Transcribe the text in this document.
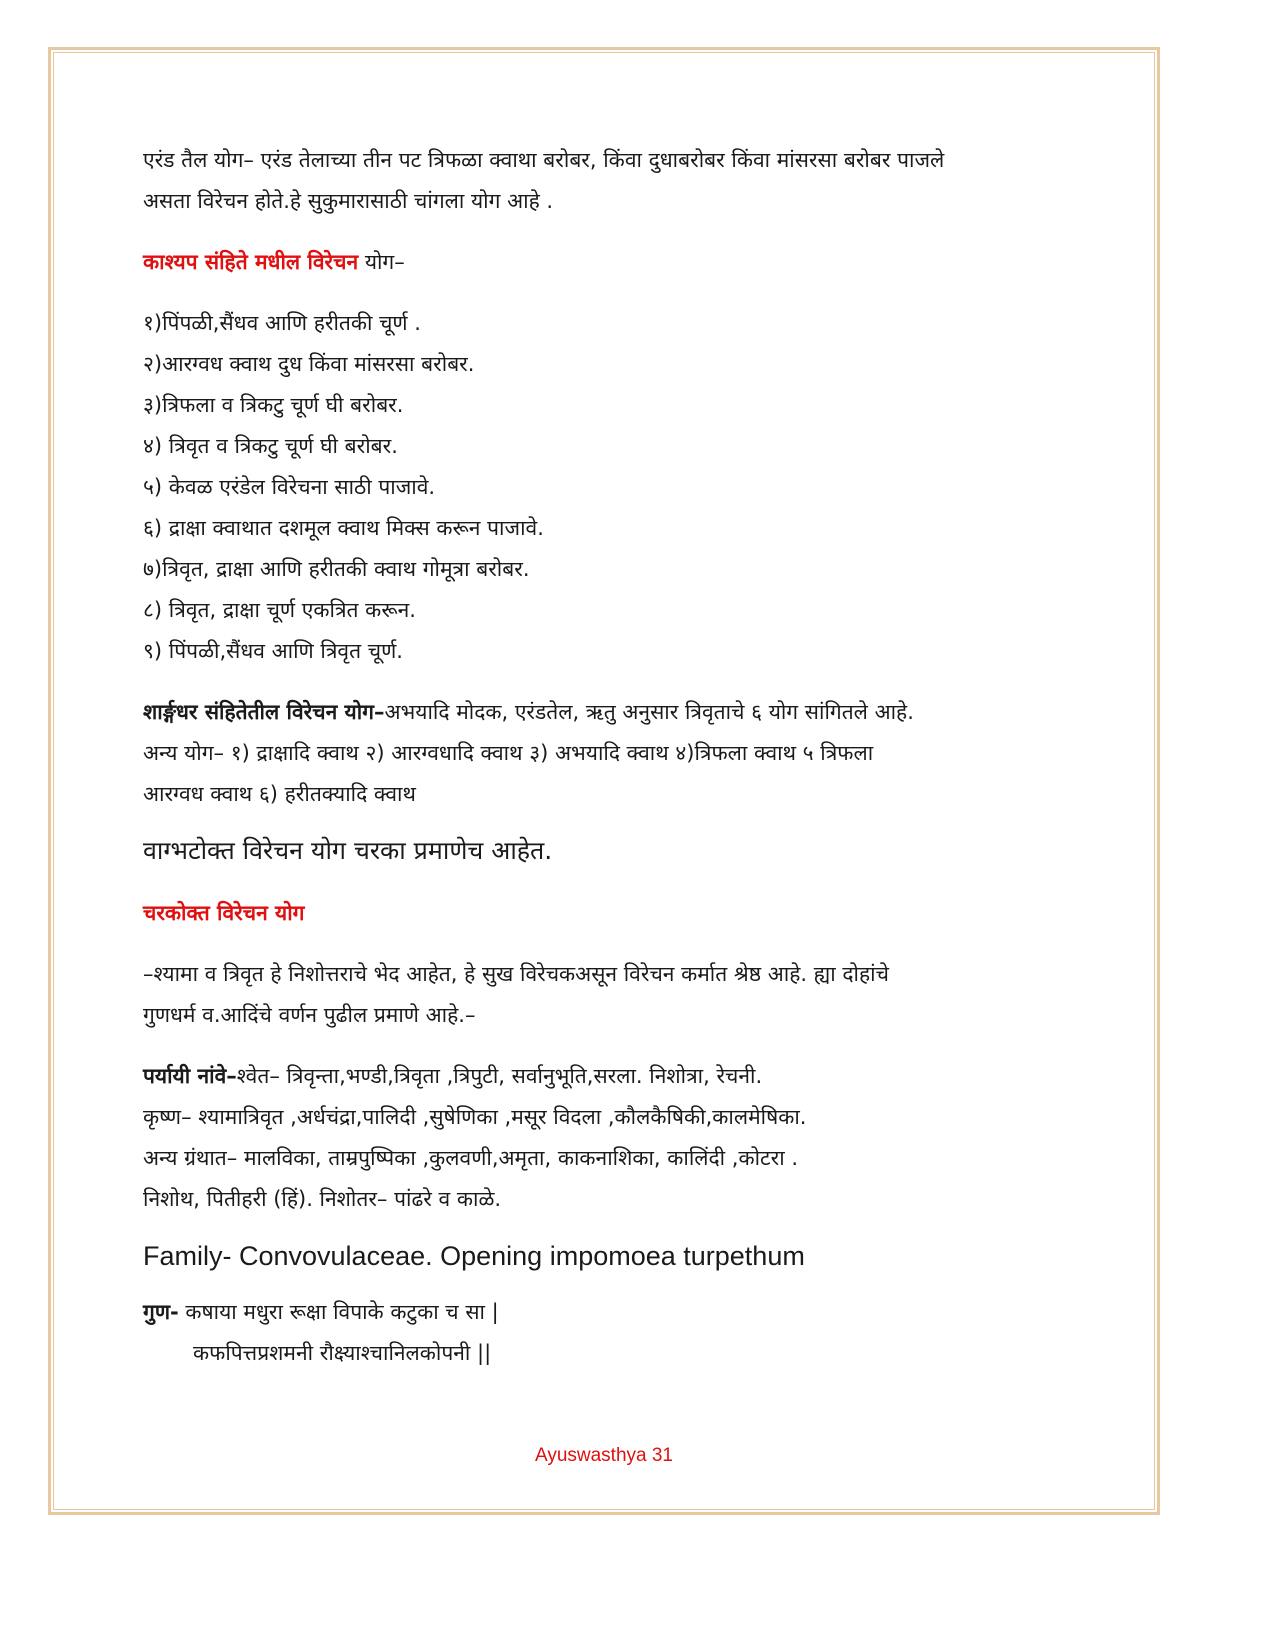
एरंड तैल योग– एरंड तेलाच्या तीन पट त्रिफळा क्वाथा बरोबर, किंवा दुधाबरोबर किंवा मांसरसा बरोबर पाजले

असता विरेचन होते.हे सुकुमारासाठी चांगला योग आहे .

काश्यप संहिते मधील विरेचन योग–

१)पिंपळी,सैंधव आणि हरीतकी चूर्ण .

२)आरग्वध क्वाथ दुध किंवा मांसरसा बरोबर.

३)त्रिफला व त्रिकटु चूर्ण घी बरोबर.

४) त्रिवृत व त्रिकटु चूर्ण घी बरोबर.

५) केवळ एरंडेल विरेचना साठी पाजावे.

६) द्राक्षा क्वाथात दशमूल क्वाथ मिक्स करून पाजावे.

७)त्रिवृत, द्राक्षा आणि हरीतकी क्वाथ गोमूत्रा बरोबर.

८) त्रिवृत, द्राक्षा चूर्ण एकत्रित करून.

९) पिंपळी,सैंधव आणि त्रिवृत चूर्ण.

शार्ङ्गधर संहितेतील विरेचन योग–अभयादि मोदक, एरंडतेल, ऋतु अनुसार त्रिवृताचे ६ योग सांगितले आहे.

अन्य योग– १) द्राक्षादि क्वाथ २) आरग्वधादि क्वाथ ३) अभयादि क्वाथ ४)त्रिफला क्वाथ ५ त्रिफला

आरग्वध क्वाथ ६) हरीतक्यादि क्वाथ

वाग्भटोक्त विरेचन योग चरका प्रमाणेच आहेत.

चरकोक्त विरेचन योग

–श्यामा व त्रिवृत हे निशोत्तराचे भेद आहेत, हे सुख विरेचकअसून विरेचन कर्मात श्रेष्ठ आहे. ह्या दोहांचे

गुणधर्म व.आदिंचे वर्णन पुढील प्रमाणे आहे.–

पर्यायी नांवे–श्वेत– त्रिवृन्ता,भण्डी,त्रिवृता ,त्रिपुटी, सर्वानुभूति,सरला. निशोत्रा, रेचनी.

कृष्ण– श्यामात्रिवृत ,अर्धचंद्रा,पालिदी ,सुषेणिका ,मसूर विदला ,कौलकैषिकी,कालमेषिका.

अन्य ग्रंथात– मालविका, ताम्रपुष्पिका ,कुलवणी,अमृता, काकनाशिका, कालिंदी ,कोटरा .

निशोथ, पितीहरी (हिं). निशोतर– पांढरे व काळे.

Family- Convovulaceae. Opening impomoea turpethum

गुण- कषाया मधुरा रूक्षा विपाके कटुका च सा |

कफपित्तप्रशमनी रौक्ष्याश्चानिलकोपनी ||

Ayuswasthya 31
